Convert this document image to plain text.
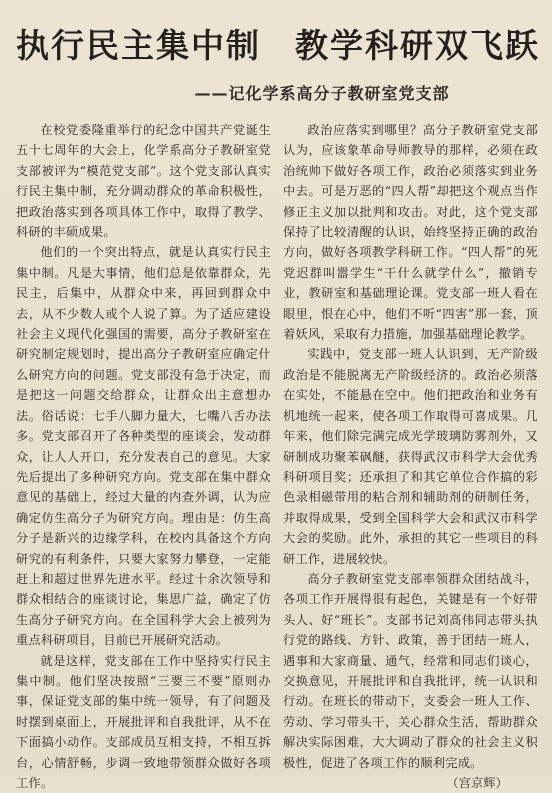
执行民主集中制 教学科研双飞跃
——记化学系高分子教研室党支部

在校党委隆重举行的纪念中国共产党诞生五十七周年的大会上，化学系高分子教研室党支部被评为“模范党支部”。这个党支部认真实行民主集中制，充分调动群众的革命积极性，把政治落实到各项具体工作中，取得了教学、科研的丰硕成果。

他们的一个突出特点，就是认真实行民主集中制。凡是大事情，他们总是依靠群众，先民主，后集中，从群众中来，再回到群众中去，从不少数人或个人说了算。为了适应建设社会主义现代化强国的需要，高分子教研室在研究制定规划时，提出高分子教研室应确定什么研究方向的问题。党支部没有急于决定，而是把这一问题交给群众，让群众出主意想办法。俗话说：七手八脚力量大，七嘴八舌办法多。党支部召开了各种类型的座谈会，发动群众，让人人开口，充分发表自己的意见。大家先后提出了多种研究方向。党支部在集中群众意见的基础上，经过大量的内查外调，认为应确定仿生高分子为研究方向。理由是：仿生高分子是新兴的边缘学科，在校内具备这个方向研究的有利条件，只要大家努力攀登，一定能赶上和超过世界先进水平。经过十余次领导和群众相结合的座谈讨论，集思广益，确定了仿生高分子研究方向。在全国科学大会上被列为重点科研项目，目前已开展研究活动。

就是这样，党支部在工作中坚持实行民主集中制。他们坚决按照“三要三不要”原则办事，保证党支部的集中统一领导，有了问题及时摆到桌面上，开展批评和自我批评，从不在下面搞小动作。支部成员互相支持，不相互拆台，心情舒畅，步调一致地带领群众做好各项工作。

政治应落实到哪里？高分子教研室党支部认为，应该象革命导师教导的那样，必须在政治统帅下做好各项工作，政治必须落实到业务中去。可是万恶的“四人帮”却把这个观点当作修正主义加以批判和攻击。对此，这个党支部保持了比较清醒的认识，始终坚持正确的政治方向，做好各项教学科研工作。“四人帮”的死党迟群叫嚣学生“干什么就学什么”，撤销专业，教研室和基础理论课。党支部一班人看在眼里，恨在心中，他们不听“四害”那一套，顶着妖风，采取有力措施，加强基础理论教学。

实践中，党支部一班人认识到，无产阶级政治是不能脱离无产阶级经济的。政治必须落在实处，不能悬在空中。他们把政治和业务有机地统一起来，使各项工作取得可喜成果。几年来，他们除完满完成光学玻璃防雾剂外，又研制成功聚苯砜醚，获得武汉市科学大会优秀科研项目奖；还承担了和其它单位合作搞的彩色录相磁带用的粘合剂和辅助剂的研制任务，并取得成果，受到全国科学大会和武汉市科学大会的奖励。此外，承担的其它一些项目的科研工作，进展较快。

高分子教研室党支部率领群众团结战斗，各项工作开展得很有起色，关键是有一个好带头人、好“班长”。支部书记刘高伟同志带头执行党的路线、方针、政策，善于团结一班人，遇事和大家商量、通气，经常和同志们谈心，交换意见，开展批评和自我批评，统一认识和行动。在班长的带动下，支委会一班人工作、劳动、学习带头干，关心群众生活，帮助群众解决实际困难，大大调动了群众的社会主义积极性，促进了各项工作的顺利完成。

（宫京辉）
